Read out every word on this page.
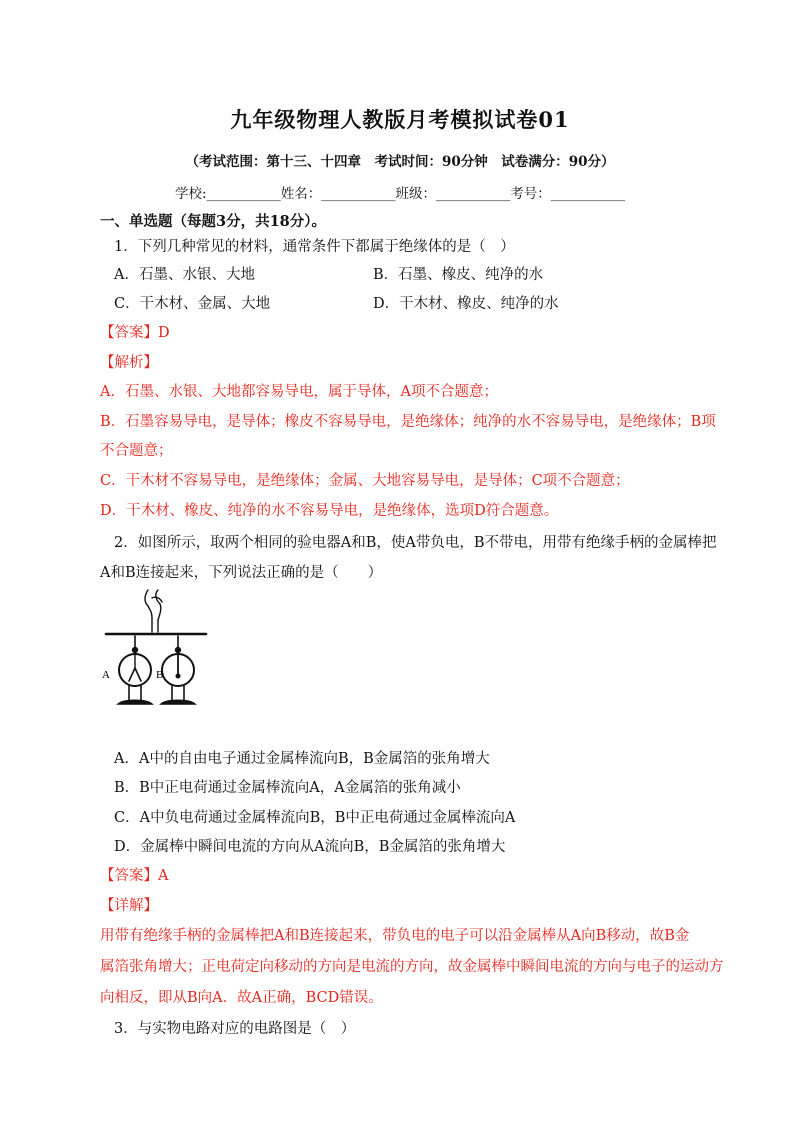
九年级物理人教版月考模拟试卷01
（考试范围：第十三、十四章　考试时间：90分钟　试卷满分：90分）
学校:___________姓名：___________班级：___________考号：___________
一、单选题（每题3分，共18分）。
1．下列几种常见的材料，通常条件下都属于绝缘体的是（　）
A．石墨、水银、大地	B．石墨、橡皮、纯净的水
C．干木材、金属、大地	D．干木材、橡皮、纯净的水
【答案】D
【解析】
A．石墨、水银、大地都容易导电，属于导体，A项不合题意；
B．石墨容易导电，是导体；橡皮不容易导电，是绝缘体；纯净的水不容易导电，是绝缘体；B项
不合题意；
C．干木材不容易导电，是绝缘体；金属、大地容易导电，是导体；C项不合题意；
D．干木材、橡皮、纯净的水不容易导电，是绝缘体，选项D符合题意。
2．如图所示，取两个相同的验电器A和B，使A带负电，B不带电，用带有绝缘手柄的金属棒把
A和B连接起来，下列说法正确的是（　　）
A	B
A．A中的自由电子通过金属棒流向B，B金属箔的张角增大
B．B中正电荷通过金属棒流向A，A金属箔的张角减小
C．A中负电荷通过金属棒流向B，B中正电荷通过金属棒流向A
D．金属棒中瞬间电流的方向从A流向B，B金属箔的张角增大
【答案】A
【详解】
用带有绝缘手柄的金属棒把A和B连接起来，带负电的电子可以沿金属棒从A向B移动，故B金
属箔张角增大；正电荷定向移动的方向是电流的方向，故金属棒中瞬间电流的方向与电子的运动方
向相反，即从B向A．故A正确，BCD错误。
3．与实物电路对应的电路图是（　）
